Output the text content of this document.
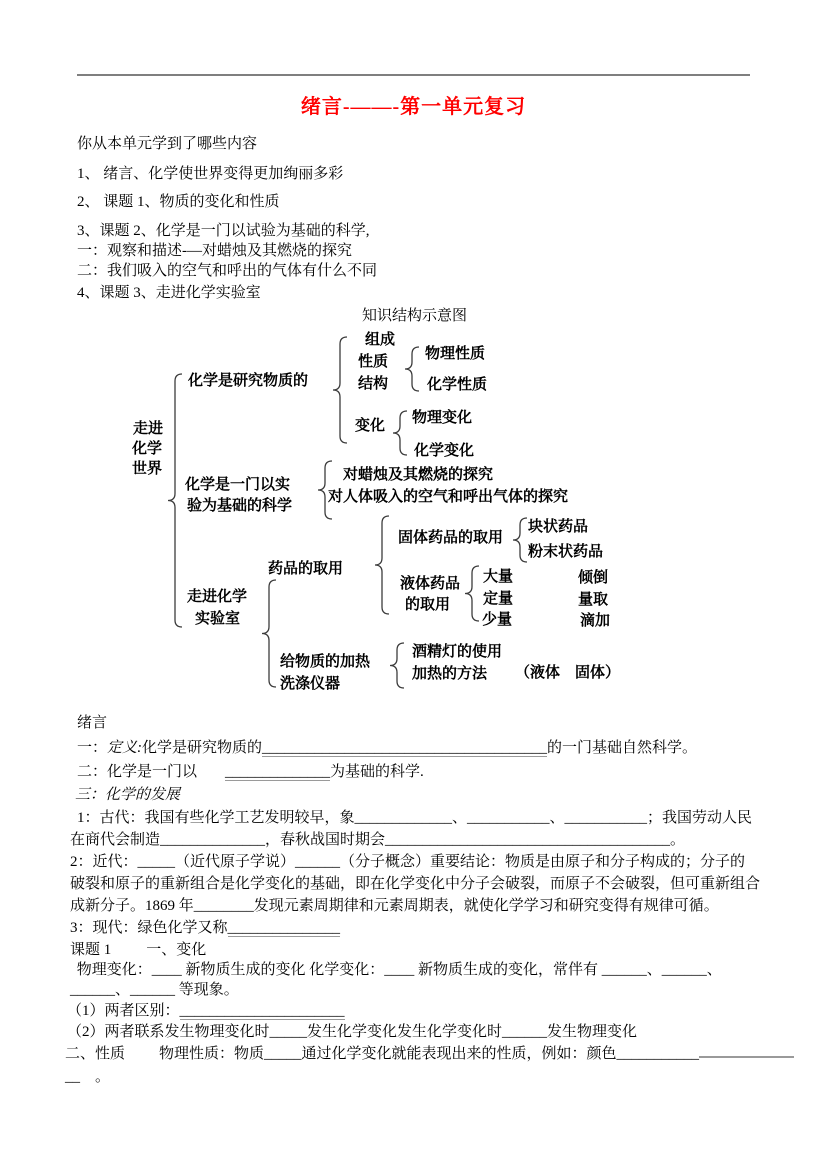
绪言-——-第一单元复习
你从本单元学到了哪些内容
1、 绪言、化学使世界变得更加绚丽多彩
2、 课题 1、物质的变化和性质
3、课题 2、化学是一门以试验为基础的科学,
一：观察和描述-—对蜡烛及其燃烧的探究
二：我们吸入的空气和呼出的气体有什么不同
4、课题 3、走进化学实验室
知识结构示意图
走进
化学
世界
化学是研究物质的
组成
性质
结构
物理性质
化学性质
变化 物理变化
化学变化
化学是一门以实
验为基础的科学
对蜡烛及其燃烧的探究
对人体吸入的空气和呼出气体的探究
走进化学
实验室
药品的取用
固体药品的取用
块状药品
粉末状药品
液体药品
的取用
大量
定量
少量
倾倒
量取
滴加
给物质的加热
洗涤仪器
酒精灯的使用
加热的方法 （液体　固体）
绪言
一：定义:化学是研究物质的______________________________________的一门基础自然科学。
二：化学是一门以 ______________为基础的科学.
三：化学的发展
1：古代：我国有些化学工艺发明较早，象_____________、___________、___________；我国劳动人民
在商代会制造______________，春秋战国时期会______________________________________。
2：近代：_____（近代原子学说）______（分子概念）重要结论：物质是由原子和分子构成的；分子的
破裂和原子的重新组合是化学变化的基础，即在化学变化中分子会破裂，而原子不会破裂，但可重新组合
成新分子。1869 年________发现元素周期律和元素周期表，就使化学学习和研究变得有规律可循。
3：现代：绿色化学又称_______________
课题 1 一、变化
物理变化：____ 新物质生成的变化 化学变化：____ 新物质生成的变化，常伴有 ______、______、
______、______ 等现象。
（1）两者区别：______________________
（2）两者联系发生物理变化时_____发生化学变化发生化学变化时______发生物理变化
二、性质 物理性质：物质_____通过化学变化就能表现出来的性质，例如：颜色___________
__　。
